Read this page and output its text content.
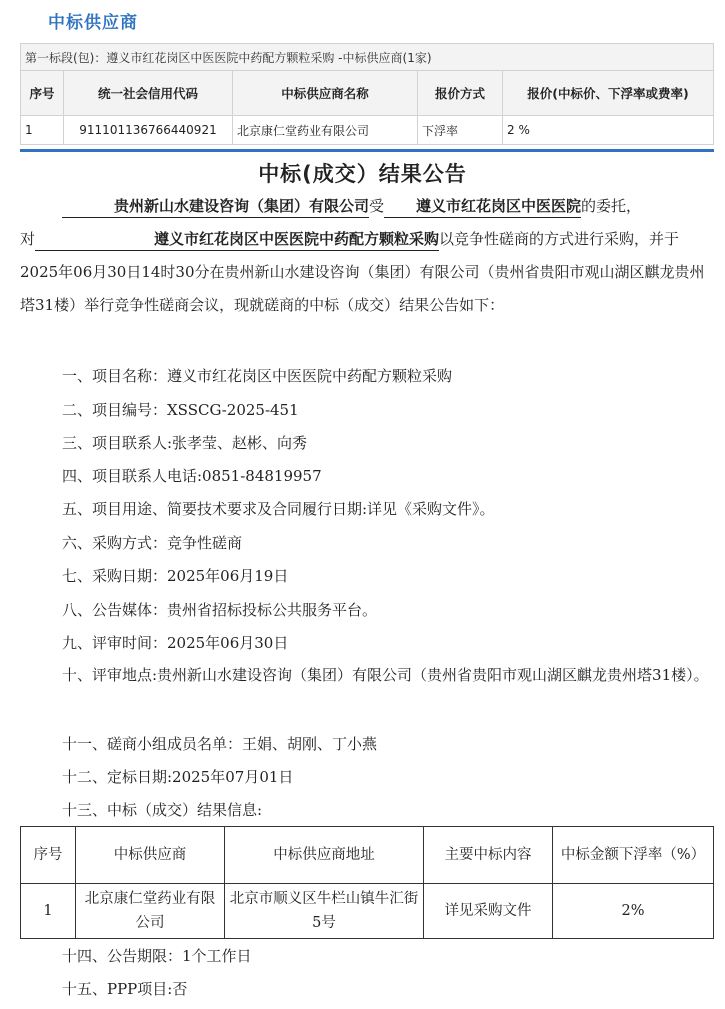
中标供应商
第一标段(包)：遵义市红花岗区中医医院中药配方颗粒采购 -中标供应商(1家)				
序号	统一社会信用代码	中标供应商名称	报价方式	报价(中标价、下浮率或费率)
1	911101136766440921	北京康仁堂药业有限公司	下浮率	2 %
中标(成交）结果公告
贵州新山水建设咨询（集团）有限公司受 遵义市红花岗区中医医院的委托，
对	遵义市红花岗区中医医院中药配方颗粒采购以竞争性磋商的方式进行采购，并于2025年06月30日14时30分在贵州新山水建设咨询（集团）有限公司（贵州省贵阳市观山湖区麒龙贵州塔31楼）举行竞争性磋商会议，现就磋商的中标（成交）结果公告如下：
一、项目名称：遵义市红花岗区中医医院中药配方颗粒采购
二、项目编号：XSSCG-2025-451
三、项目联系人:张孝莹、赵彬、向秀
四、项目联系人电话:0851-84819957
五、项目用途、简要技术要求及合同履行日期:详见《采购文件》。
六、采购方式：竞争性磋商
七、采购日期：2025年06月19日
八、公告媒体：贵州省招标投标公共服务平台。
九、评审时间：2025年06月30日
十、评审地点:贵州新山水建设咨询（集团）有限公司（贵州省贵阳市观山湖区麒龙贵州塔31楼）。
十一、磋商小组成员名单：王娟、胡刚、丁小燕
十二、定标日期:2025年07月01日
十三、中标（成交）结果信息:
序号	中标供应商	中标供应商地址	主要中标内容	中标金额下浮率（%）
1	北京康仁堂药业有限公司	北京市顺义区牛栏山镇牛汇街5号	详见采购文件	2%
十四、公告期限：1个工作日
十五、PPP项目:否
